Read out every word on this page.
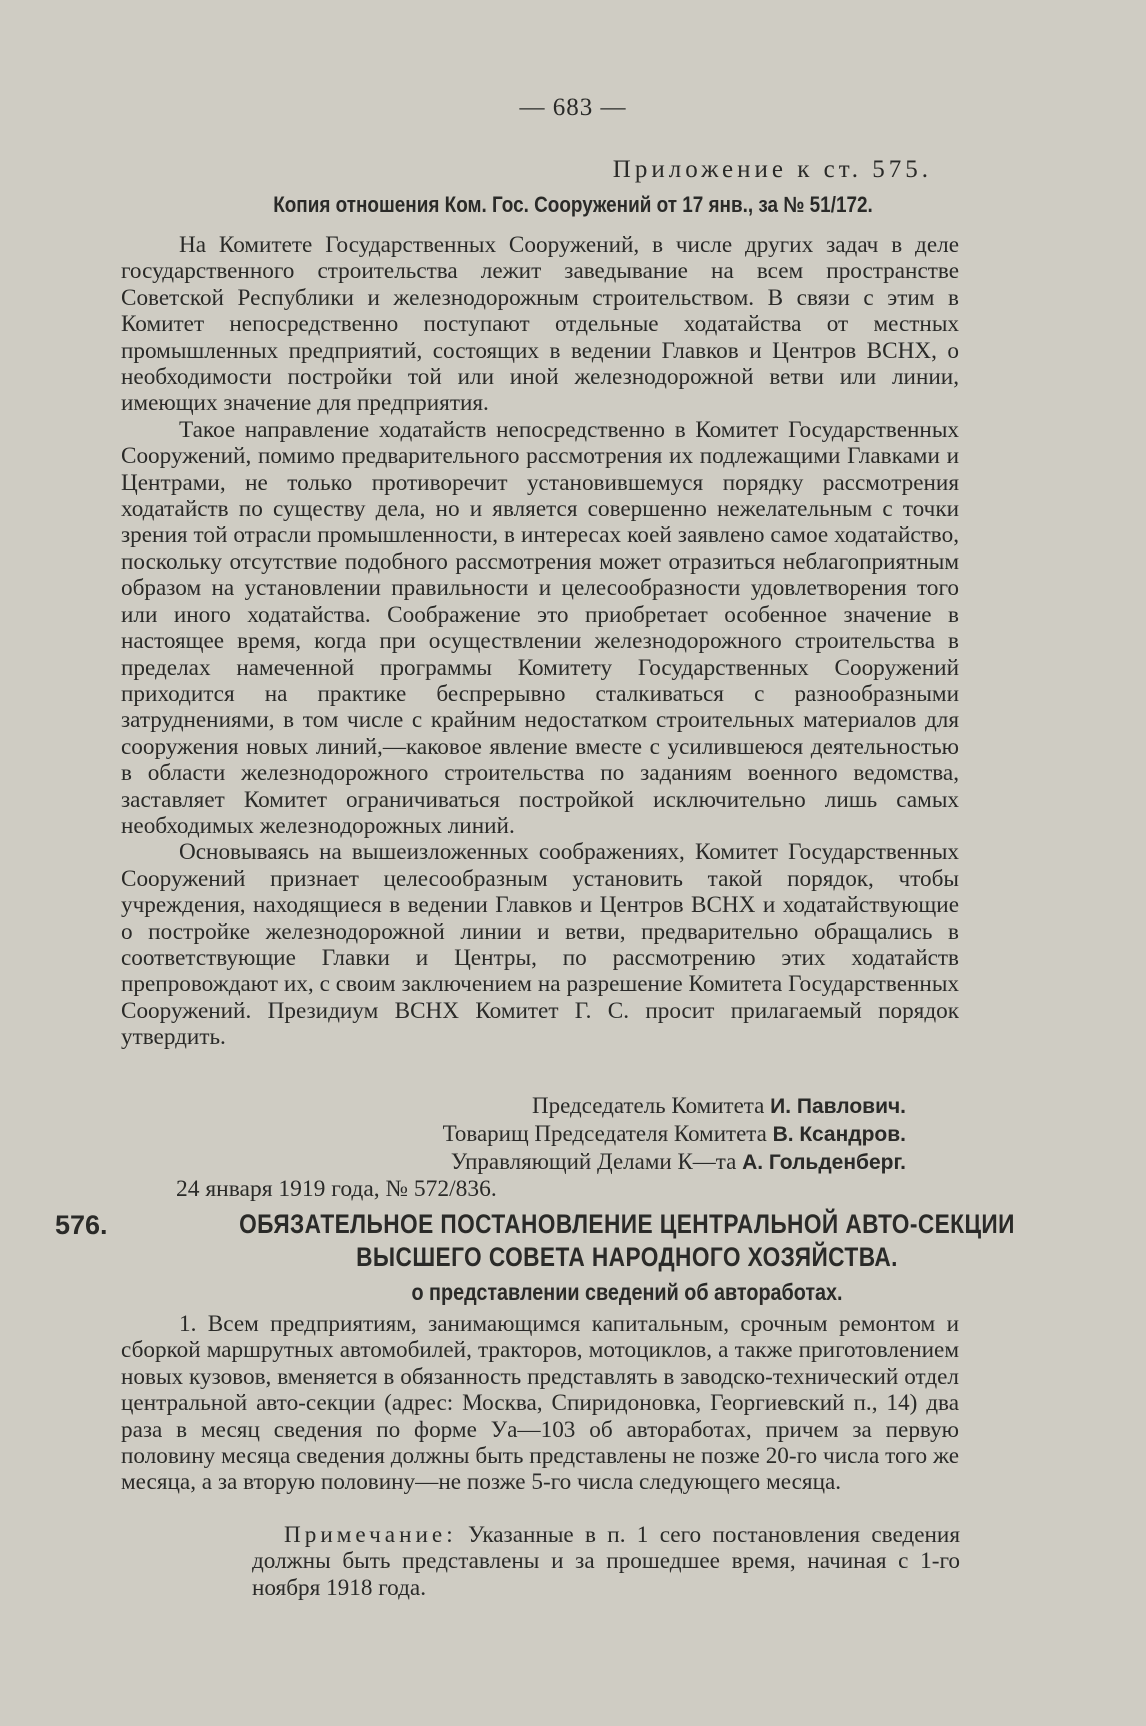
— 683 —
Приложение к ст. 575.
Копия отношения Ком. Гос. Сооружений от 17 янв., за № 51/172.

На Комитете Государственных Сооружений, в числе других задач в деле государственного строительства лежит заведывание на всем пространстве Советской Республики и железнодорожным строительством. В связи с этим в Комитет непосредственно поступают отдельные ходатайства от местных промышленных предприятий, состоящих в ведении Главков и Центров ВСНХ, о необходимости постройки той или иной железнодорожной ветви или линии, имеющих значение для предприятия.

Такое направление ходатайств непосредственно в Комитет Государственных Сооружений, помимо предварительного рассмотрения их подлежащими Главками и Центрами, не только противоречит установившемуся порядку рассмотрения ходатайств по существу дела, но и является совершенно нежелательным с точки зрения той отрасли промышленности, в интересах коей заявлено самое ходатайство, поскольку отсутствие подобного рассмотрения может отразиться неблагоприятным образом на установлении правильности и целесообразности удовлетворения того или иного ходатайства. Соображение это приобретает особенное значение в настоящее время, когда при осуществлении железнодорожного строительства в пределах намеченной программы Комитету Государственных Сооружений приходится на практике беспрерывно сталкиваться с разнообразными затруднениями, в том числе с крайним недостатком строительных материалов для сооружения новых линий,—каковое явление вместе с усилившеюся деятельностью в области железнодорожного строительства по заданиям военного ведомства, заставляет Комитет ограничиваться постройкой исключительно лишь самых необходимых железнодорожных линий.

Основываясь на вышеизложенных соображениях, Комитет Государственных Сооружений признает целесообразным установить такой порядок, чтобы учреждения, находящиеся в ведении Главков и Центров ВСНХ и ходатайствующие о постройке железнодорожной линии и ветви, предварительно обращались в соответствующие Главки и Центры, по рассмотрению этих ходатайств препровождают их, с своим заключением на разрешение Комитета Государственных Сооружений. Президиум ВСНХ Комитет Г. С. просит прилагаемый порядок утвердить.

Председатель Комитета И. Павлович.
Товарищ Председателя Комитета В. Ксандров.
Управляющий Делами К—та А. Гольденберг.
24 января 1919 года, № 572/836.
576.	ОБЯЗАТЕЛЬНОЕ ПОСТАНОВЛЕНИЕ ЦЕНТРАЛЬНОЙ АВТО-СЕКЦИИ
ВЫСШЕГО СОВЕТА НАРОДНОГО ХОЗЯЙСТВА.
о представлении сведений об автоработах.

1. Всем предприятиям, занимающимся капитальным, срочным ремонтом и сборкой маршрутных автомобилей, тракторов, мотоциклов, а также приготовлением новых кузовов, вменяется в обязанность представлять в заводско-технический отдел центральной авто-секции (адрес: Москва, Спиридоновка, Георгиевский п., 14) два раза в месяц сведения по форме Уа—103 об автоработах, причем за первую половину месяца сведения должны быть представлены не позже 20-го числа того же месяца, а за вторую половину—не позже 5-го числа следующего месяца.

Примечание: Указанные в п. 1 сего постановления сведения должны быть представлены и за прошедшее время, начиная с 1-го ноября 1918 года.
